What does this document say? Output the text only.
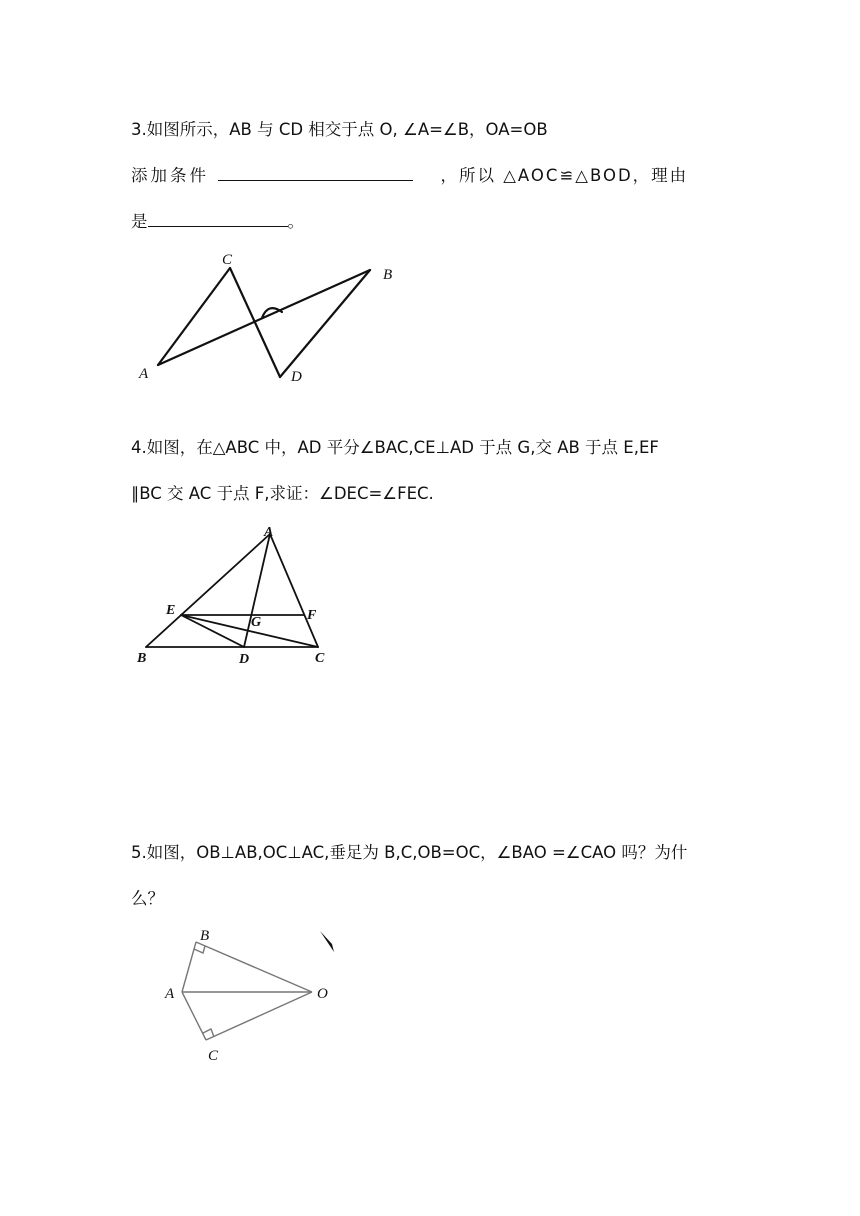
3.如图所示，AB 与 CD 相交于点 O, ∠A=∠B，OA=OB
添加条件	，所以 △AOC≌△BOD，理由
是	。
C
B
A	D
4.如图，在△ABC 中，AD 平分∠BAC,CE⊥AD 于点 G,交 AB 于点 E,EF
∥BC 交 AC 于点 F,求证：∠DEC=∠FEC.
A
E	F
G
B	D	C
5.如图，OB⊥AB,OC⊥AC,垂足为 B,C,OB=OC，∠BAO =∠CAO 吗？为什
么？
B
A	O
C
